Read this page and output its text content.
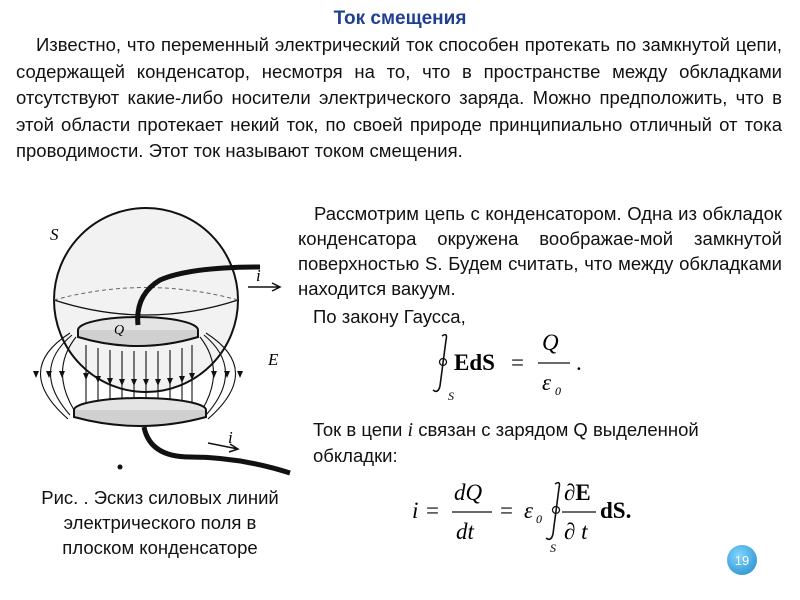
Ток смещения
Известно, что переменный электрический ток способен протекать по замкнутой цепи, содержащей конденсатор, несмотря на то, что в пространстве между обкладками отсутствуют какие-либо носители электрического заряда. Можно предположить, что в этой области протекает некий ток, по своей природе принципиально отличный от тока проводимости. Этот ток называют током смещения.
S
i
Q
E
i
Рассмотрим цепь с конденсатором. Одна из обкладок конденсатора окружена воображае-мой замкнутой поверхностью S. Будем считать, что между обкладками находится вакуум.
По закону Гаусса,
S
EdS =
Q
ε 0
.
Ток в цепи i связан с зарядом Q выделенной обкладки:
i =
dQ
dt
= ε 0
S
∂E
∂ t
dS.
Рис. . Эскиз силовых линий электрического поля в плоском конденсаторе
19
